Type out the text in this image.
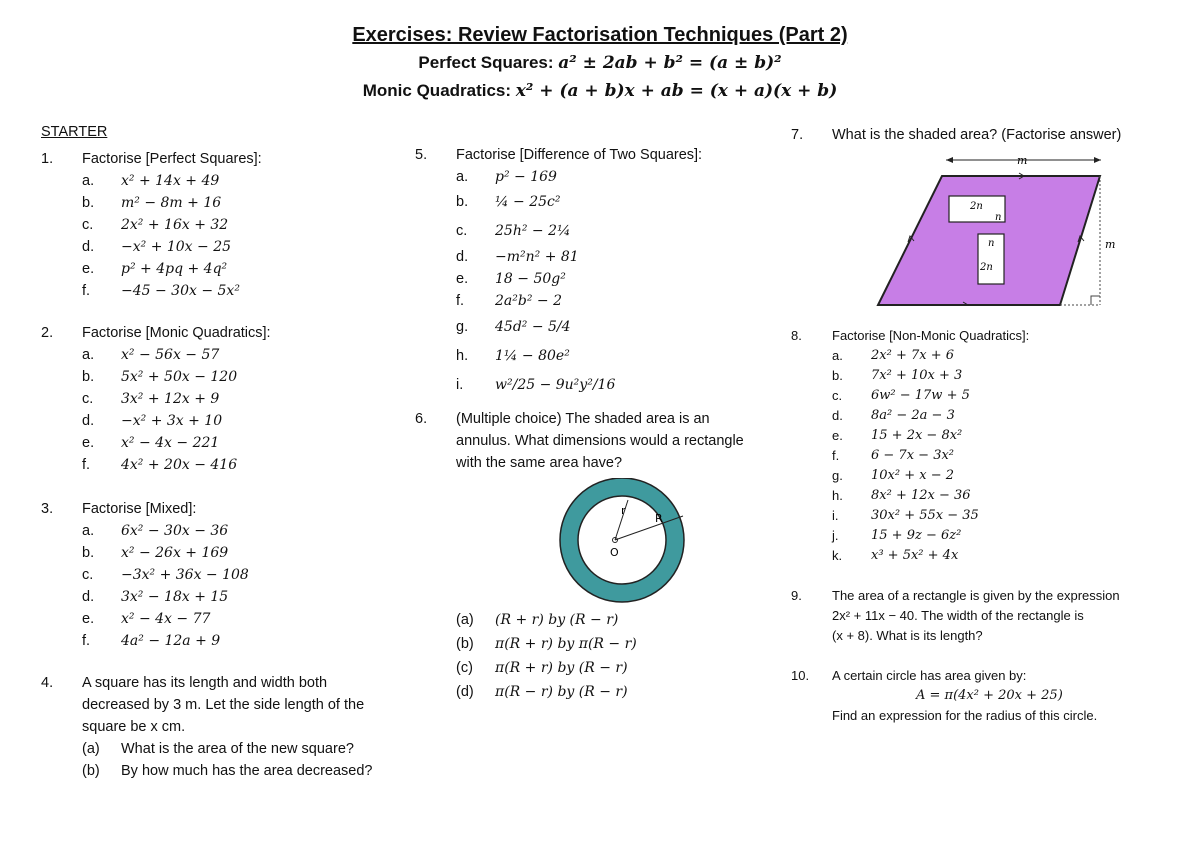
Exercises: Review Factorisation Techniques (Part 2)
Perfect Squares: a² ± 2ab + b² = (a ± b)²
Monic Quadratics: x² + (a + b)x + ab = (x + a)(x + b)
STARTER
1. Factorise [Perfect Squares]:
a. x² + 14x + 49
b. m² − 8m + 16
c. 2x² + 16x + 32
d. −x² + 10x − 25
e. p² + 4pq + 4q²
f. −45 − 30x − 5x²
2. Factorise [Monic Quadratics]:
a. x² − 56x − 57
b. 5x² + 50x − 120
c. 3x² + 12x + 9
d. −x² + 3x + 10
e. x² − 4x − 221
f. 4x² + 20x − 416
3. Factorise [Mixed]:
a. 6x² − 30x − 36
b. x² − 26x + 169
c. −3x² + 36x − 108
d. 3x² − 18x + 15
e. x² − 4x − 77
f. 4a² − 12a + 9
4. A square has its length and width both
decreased by 3 m. Let the side length of the
square be x cm.
(a) What is the area of the new square?
(b) By how much has the area decreased?
5. Factorise [Difference of Two Squares]:
a. p² − 169
b. ¼ − 25c²
c. 25h² − 2¼
d. −m²n² + 81
e. 18 − 50g²
f. 2a²b² − 2
g. 45d² − 5/4
h. 1¼ − 80e²
i. w²/25 − 9u²y²/16
6. (Multiple choice) The shaded area is an
annulus. What dimensions would a rectangle
with the same area have?
r
R
O
(a) (R + r) by (R − r)
(b) π(R + r) by π(R − r)
(c) π(R + r) by (R − r)
(d) π(R − r) by (R − r)
7. What is the shaded area? (Factorise answer)
m
m
2n
n
n
2n
8. Factorise [Non-Monic Quadratics]:
a. 2x² + 7x + 6
b. 7x² + 10x + 3
c. 6w² − 17w + 5
d. 8a² − 2a − 3
e. 15 + 2x − 8x²
f. 6 − 7x − 3x²
g. 10x² + x − 2
h. 8x² + 12x − 36
i.	30x² + 55x − 35
j.	15 + 9z − 6z²
k. x³ + 5x² + 4x
9. The area of a rectangle is given by the expression
2x² + 11x − 40. The width of the rectangle is
(x + 8). What is its length?
10. A certain circle has area given by:
A = π(4x² + 20x + 25)
Find an expression for the radius of this circle.
